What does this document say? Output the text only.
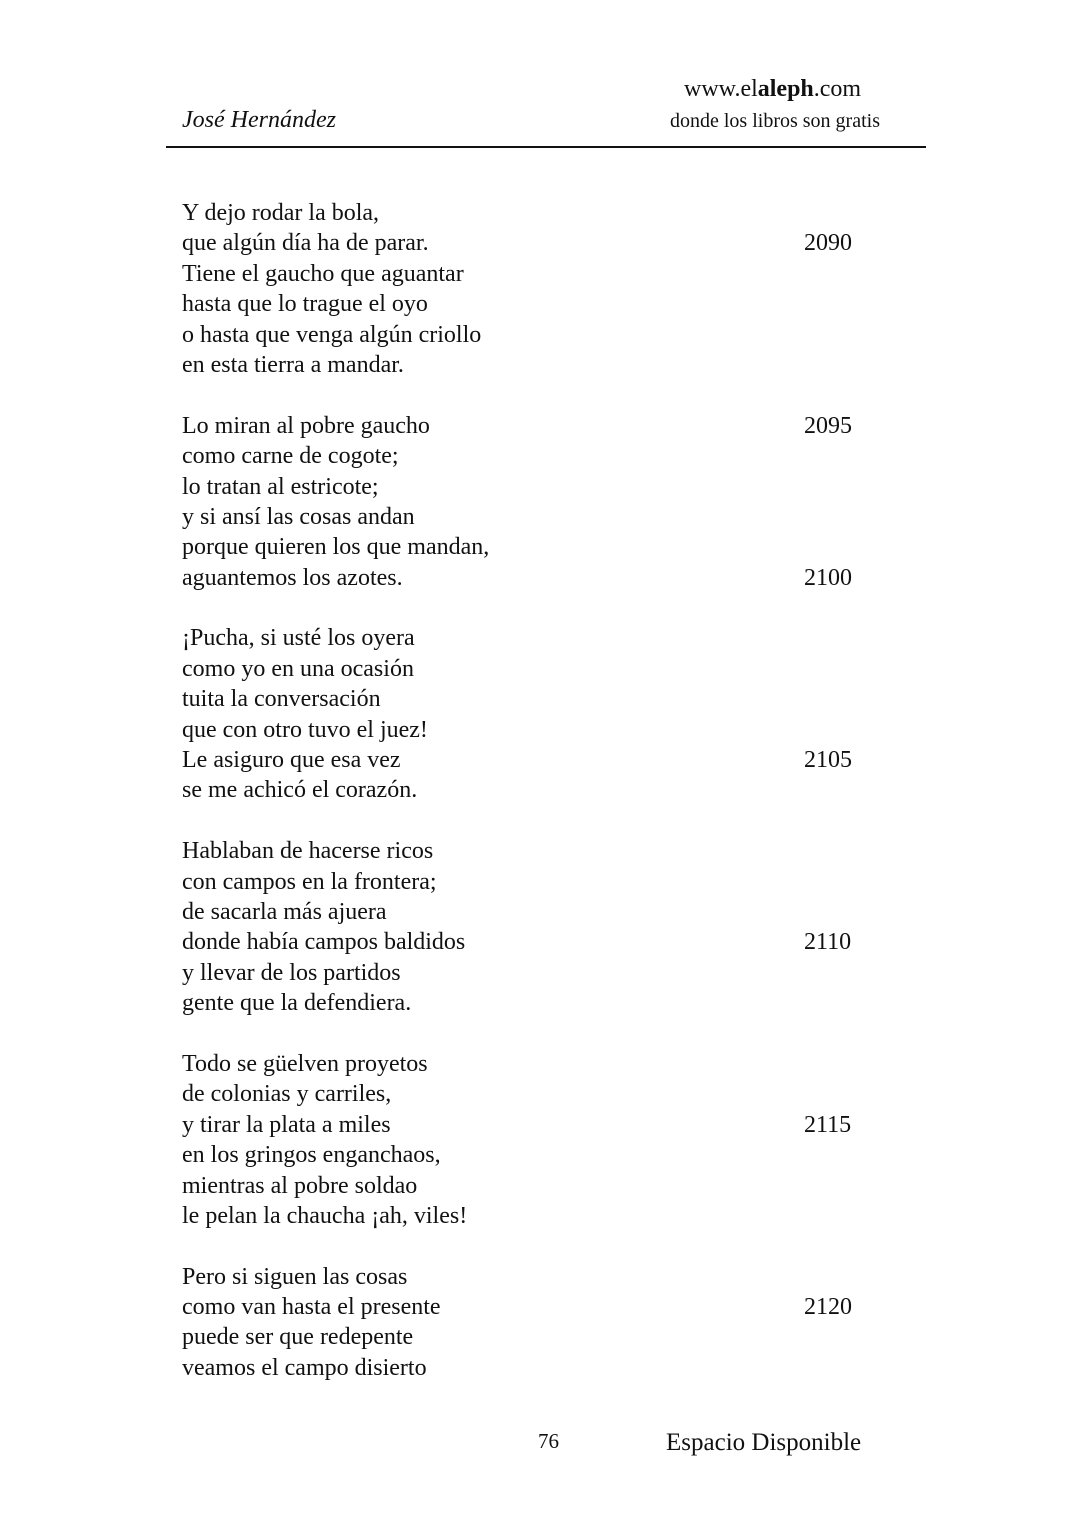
José Hernández
www.elaleph.com
donde los libros son gratis
Y dejo rodar la bola,
que algún día ha de parar.	2090
Tiene el gaucho que aguantar
hasta que lo trague el oyo
o hasta que venga algún criollo
en esta tierra a mandar.
Lo miran al pobre gaucho	2095
como carne de cogote;
lo tratan al estricote;
y si ansí las cosas andan
porque quieren los que mandan,
aguantemos los azotes.	2100
¡Pucha, si usté los oyera
como yo en una ocasión
tuita la conversación
que con otro tuvo el juez!
Le asiguro que esa vez	2105
se me achicó el corazón.
Hablaban de hacerse ricos
con campos en la frontera;
de sacarla más ajuera
donde había campos baldidos	2110
y llevar de los partidos
gente que la defendiera.
Todo se güelven proyetos
de colonias y carriles,
y tirar la plata a miles	2115
en los gringos enganchaos,
mientras al pobre soldao
le pelan la chaucha ¡ah, viles!
Pero si siguen las cosas
como van hasta el presente	2120
puede ser que redepente
veamos el campo disierto
76	Espacio Disponible
